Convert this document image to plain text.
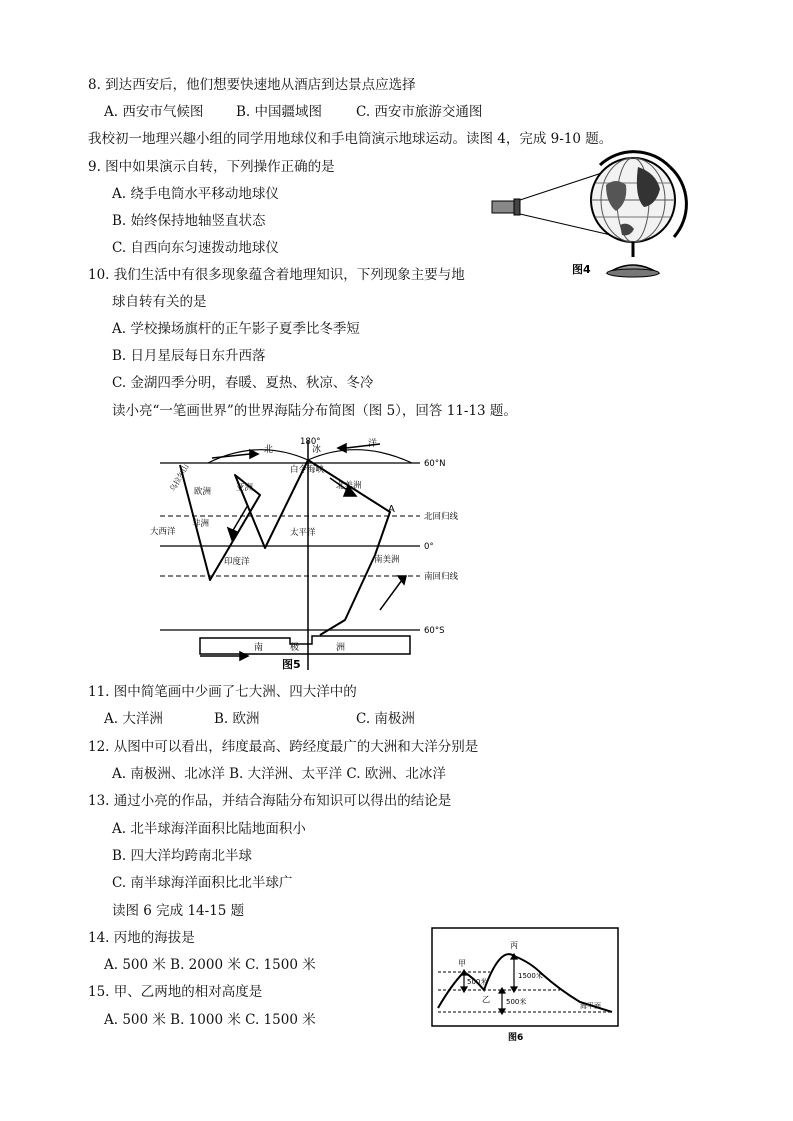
8. 到达西安后，他们想要快速地从酒店到达景点应选择
A. 西安市气候图 B. 中国疆域图	C. 西安市旅游交通图
我校初一地理兴趣小组的同学用地球仪和手电筒演示地球运动。读图 4，完成 9-10 题。
9. 图中如果演示自转，下列操作正确的是
A. 绕手电筒水平移动地球仪
B. 始终保持地轴竖直状态
C. 自西向东匀速拨动地球仪
10. 我们生活中有很多现象蕴含着地理知识，下列现象主要与地
球自转有关的是
A. 学校操场旗杆的正午影子夏季比冬季短
B. 日月星辰每日东升西落
C. 金湖四季分明，春暖、夏热、秋凉、冬冷
读小亮“一笔画世界”的世界海陆分布简图（图 5），回答 11-13 题。
图4
60°N
北回归线
0°
南回归线
60°S
180°
北	冰
洋
白令海峡
亚洲
欧洲
非洲
北美洲
南美洲
大西洋	太平洋
印度洋
A
乌拉尔山
南	极	洲
图5
11. 图中简笔画中少画了七大洲、四大洋中的
A. 大洋洲	B. 欧洲	C. 南极洲
12. 从图中可以看出，纬度最高、跨经度最广的大洲和大洋分别是
A. 南极洲、北冰洋 B. 大洋洲、太平洋 C. 欧洲、北冰洋
13. 通过小亮的作品，并结合海陆分布知识可以得出的结论是
A. 北半球海洋面积比陆地面积小
B. 四大洋均跨南北半球
C. 南半球海洋面积比北半球广
读图 6 完成 14-15 题
14. 丙地的海拔是
A. 500 米 B. 2000 米 C. 1500 米
15. 甲、乙两地的相对高度是
A. 500 米 B. 1000 米 C. 1500 米
甲
丙
乙
500米
1500米
500米	海平面
图6
